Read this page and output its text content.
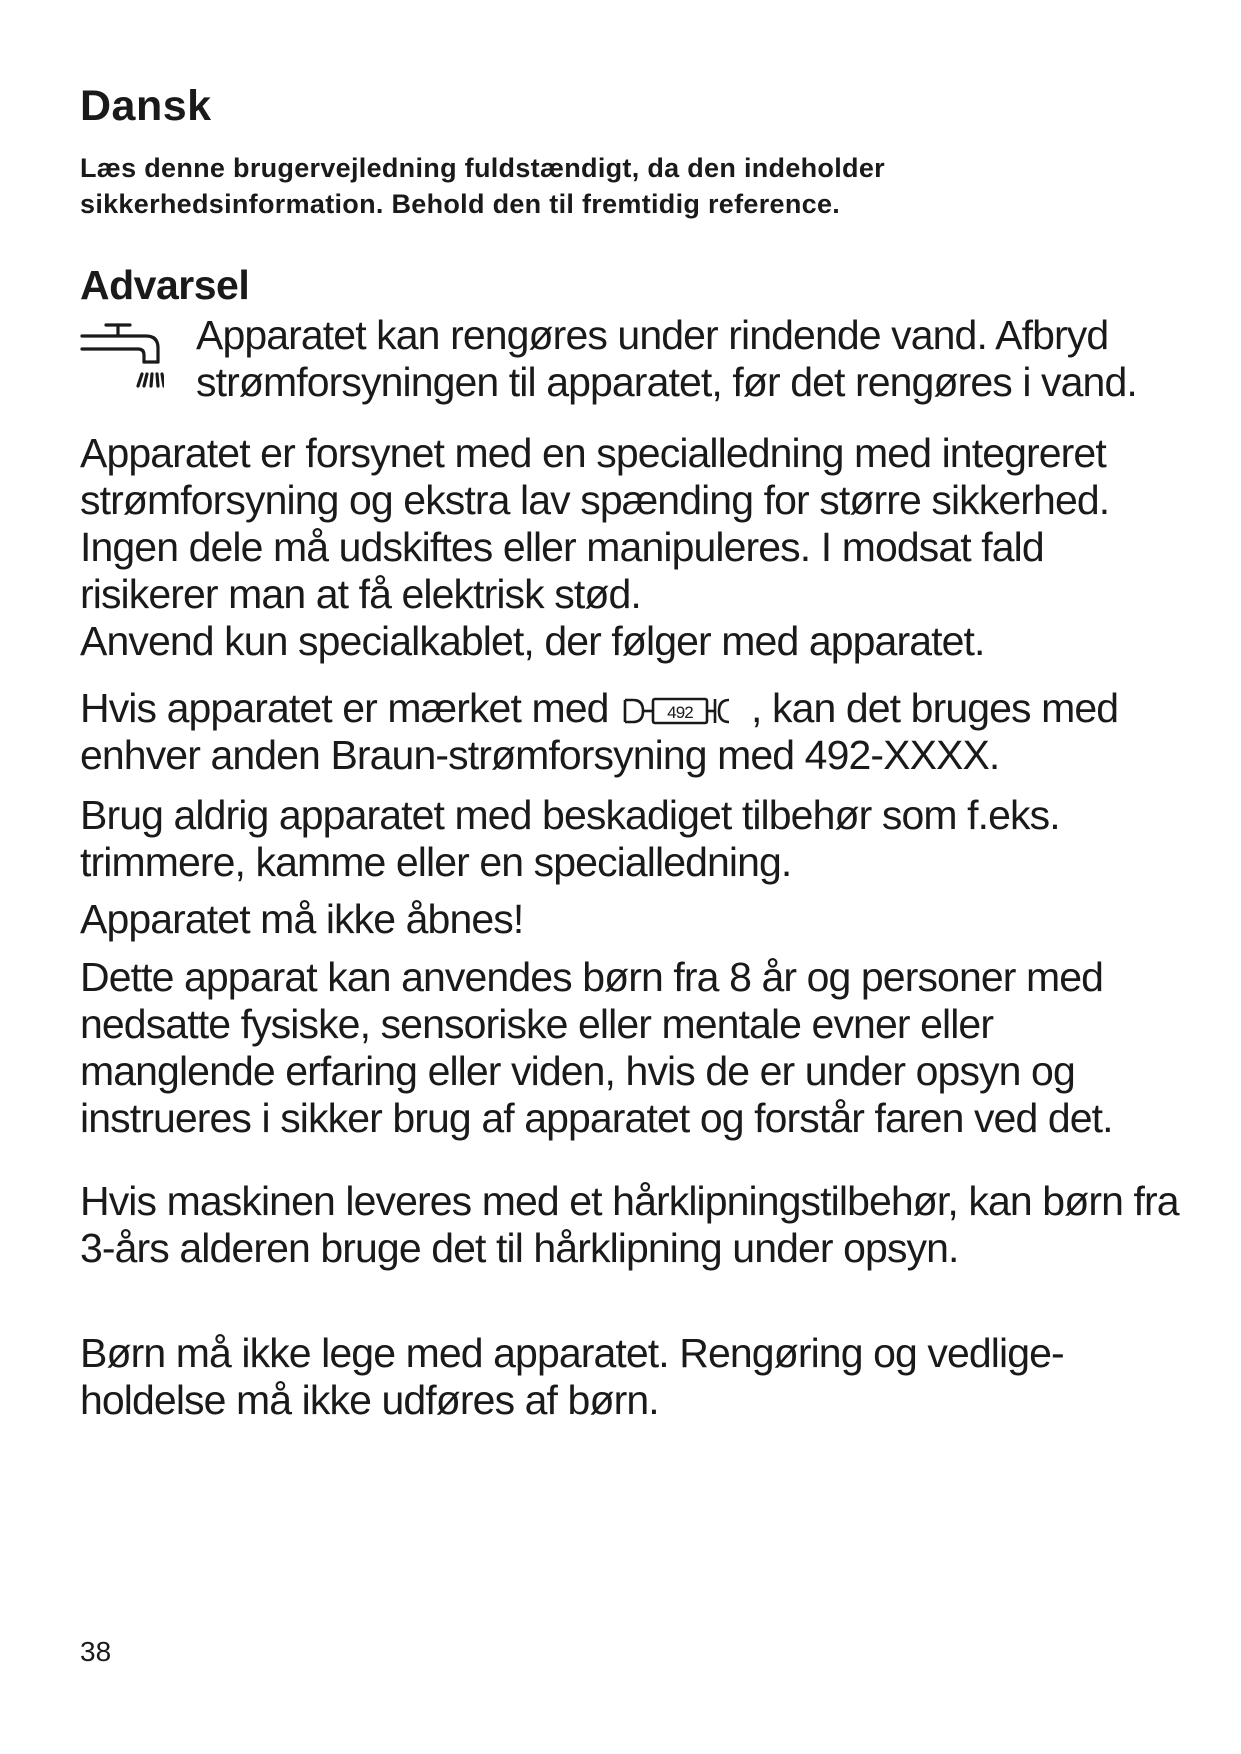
Dansk
Læs denne brugervejledning fuldstændigt, da den indeholder sikkerhedsinformation. Behold den til fremtidig reference.
Advarsel

Apparatet kan rengøres under rindende vand. Afbryd strømforsyningen til apparatet, før det rengøres i vand.

Apparatet er forsynet med en specialledning med integreret strømforsyning og ekstra lav spænding for større sikkerhed. Ingen dele må udskiftes eller manipuleres. I modsat fald risikerer man at få elektrisk stød.

Anvend kun specialkablet, der følger med apparatet.

Hvis apparatet er mærket med	492 , kan det bruges med enhver anden Braun-strømforsyning med 492-XXXX.

Brug aldrig apparatet med beskadiget tilbehør som f.eks. trimmere, kamme eller en specialledning.

Apparatet må ikke åbnes!

Dette apparat kan anvendes børn fra 8 år og personer med nedsatte fysiske, sensoriske eller mentale evner eller manglende erfaring eller viden, hvis de er under opsyn og instrueres i sikker brug af apparatet og forstår faren ved det.

Hvis maskinen leveres med et hårklipningstilbehør, kan børn fra 3-års alderen bruge det til hårklipning under opsyn.

Børn må ikke lege med apparatet. Rengøring og vedligeholdelse må ikke udføres af børn.

38
